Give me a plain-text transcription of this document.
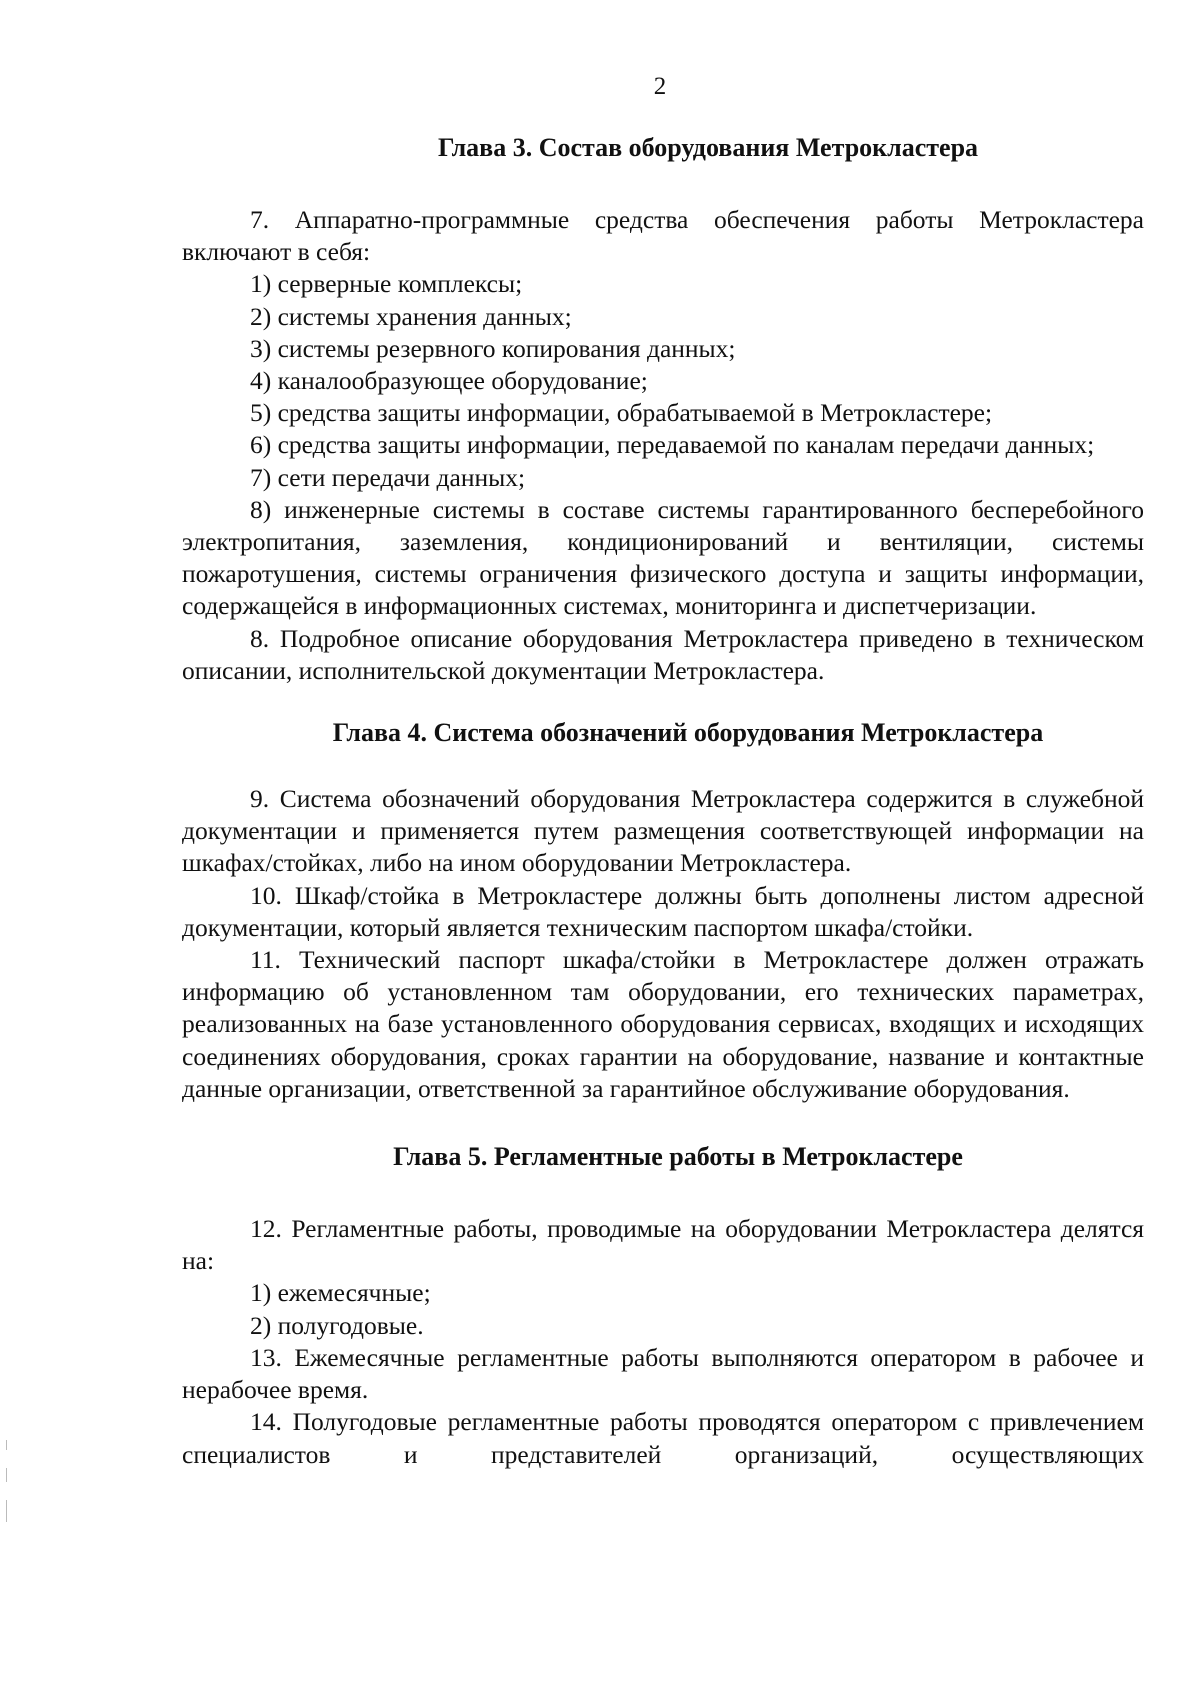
2
Глава 3. Состав оборудования Метрокластера

7. Аппаратно-программные средства обеспечения работы Метрокластера включают в себя:

1) серверные комплексы;

2) системы хранения данных;

3) системы резервного копирования данных;

4) каналообразующее оборудование;

5) средства защиты информации, обрабатываемой в Метрокластере;

6) средства защиты информации, передаваемой по каналам передачи данных;

7) сети передачи данных;

8) инженерные системы в составе системы гарантированного бесперебойного электропитания, заземления, кондиционирований и вентиляции, системы пожаротушения, системы ограничения физического доступа и защиты информации, содержащейся в информационных системах, мониторинга и диспетчеризации.

8. Подробное описание оборудования Метрокластера приведено в техническом описании, исполнительской документации Метрокластера.

Глава 4. Система обозначений оборудования Метрокластера

9. Система обозначений оборудования Метрокластера содержится в служебной документации и применяется путем размещения соответствующей информации на шкафах/стойках, либо на ином оборудовании Метрокластера.

10. Шкаф/стойка в Метрокластере должны быть дополнены листом адресной документации, который является техническим паспортом шкафа/стойки.

11. Технический паспорт шкафа/стойки в Метрокластере должен отражать информацию об установленном там оборудовании, его технических параметрах, реализованных на базе установленного оборудования сервисах, входящих и исходящих соединениях оборудования, сроках гарантии на оборудование, название и контактные данные организации, ответственной за гарантийное обслуживание оборудования.

Глава 5. Регламентные работы в Метрокластере

12. Регламентные работы, проводимые на оборудовании Метрокластера делятся на:

1) ежемесячные;

2) полугодовые.

13. Ежемесячные регламентные работы выполняются оператором в рабочее и нерабочее время.

14. Полугодовые регламентные работы проводятся оператором с привлечением специалистов и представителей организаций, осуществляющих
